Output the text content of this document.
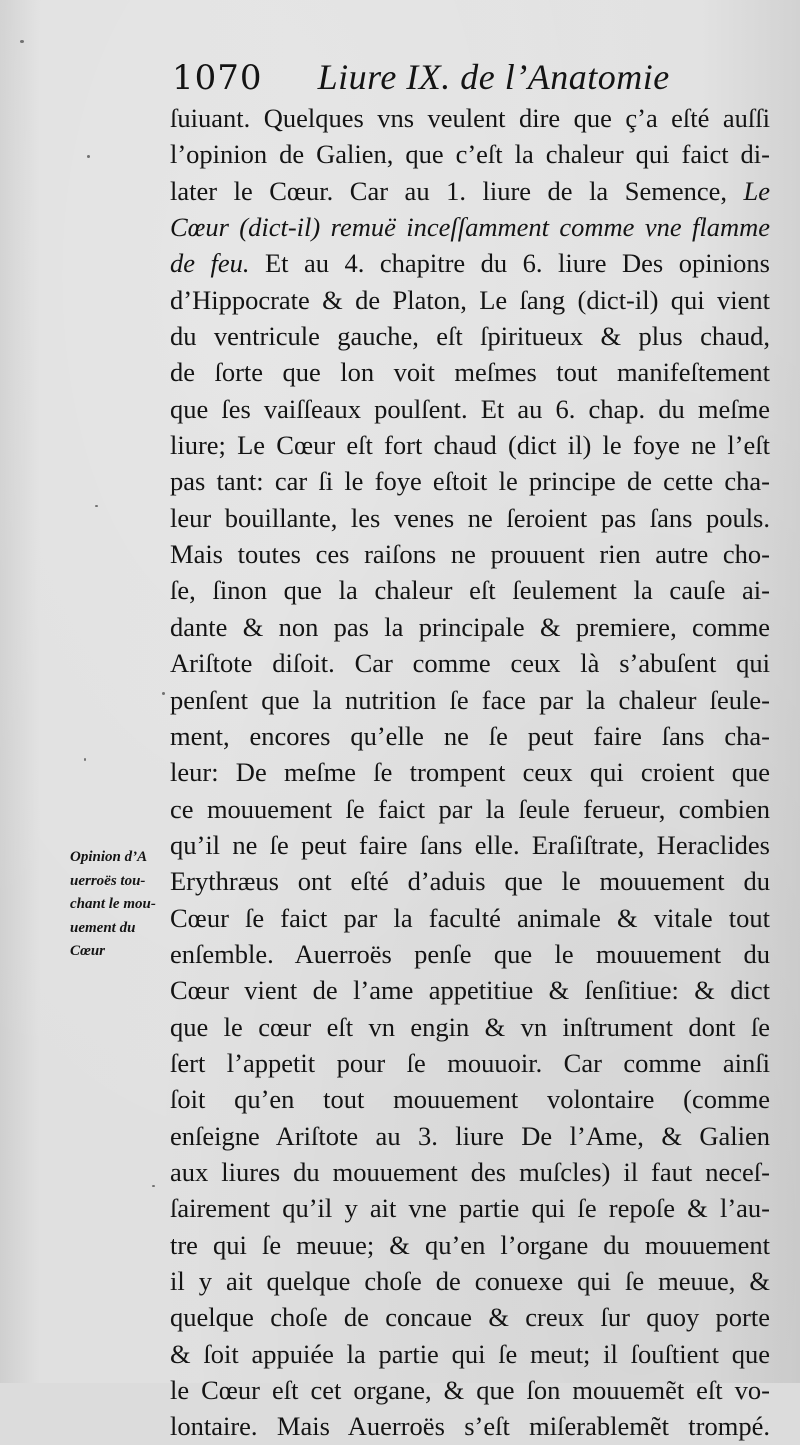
1070 Liure IX. de l’Anatomie
ſuiuant. Quelques vns veulent dire que ç’a eſté auſſi
l’opinion de Galien, que c’eſt la chaleur qui faict di-
later le Cœur. Car au 1. liure de la Semence, Le
Cœur (dict-il) remuë inceſſamment comme vne flamme
de feu. Et au 4. chapitre du 6. liure Des opinions
d’Hippocrate & de Platon, Le ſang (dict-il) qui vient
du ventricule gauche, eſt ſpiritueux & plus chaud,
de ſorte que lon voit meſmes tout manifeſtement
que ſes vaiſſeaux poulſent. Et au 6. chap. du meſme
liure; Le Cœur eſt fort chaud (dict il) le foye ne l’eſt
pas tant: car ſi le foye eſtoit le principe de cette cha-
leur bouillante, les venes ne ſeroient pas ſans pouls.
Mais toutes ces raiſons ne prouuent rien autre cho-
ſe, ſinon que la chaleur eſt ſeulement la cauſe ai-
dante & non pas la principale & premiere, comme
Ariſtote diſoit. Car comme ceux là s’abuſent qui
penſent que la nutrition ſe face par la chaleur ſeule-
ment, encores qu’elle ne ſe peut faire ſans cha-
leur: De meſme ſe trompent ceux qui croient que
ce mouuement ſe faict par la ſeule ferueur, combien
qu’il ne ſe peut faire ſans elle. Eraſiſtrate, Heraclides
Erythræus ont eſté d’aduis que le mouuement du
Cœur ſe faict par la faculté animale & vitale tout
enſemble. Auerroës penſe que le mouuement du
Cœur vient de l’ame appetitiue & ſenſitiue: & dict
que le cœur eſt vn engin & vn inſtrument dont ſe
ſert l’appetit pour ſe mouuoir. Car comme ainſi
ſoit qu’en tout mouuement volontaire (comme
enſeigne Ariſtote au 3. liure De l’Ame, & Galien
aux liures du mouuement des muſcles) il faut neceſ-
ſairement qu’il y ait vne partie qui ſe repoſe & l’au-
tre qui ſe meuue; & qu’en l’organe du mouuement
il y ait quelque choſe de conuexe qui ſe meuue, &
quelque choſe de concaue & creux ſur quoy porte
& ſoit appuiée la partie qui ſe meut; il ſouſtient que
le Cœur eſt cet organe, & que ſon mouuemẽt eſt vo-
lontaire. Mais Auerroës s’eſt miſerablemẽt trompé.
Opinion d’A
uerroës tou-
chant le mou-
uement du
Cœur
